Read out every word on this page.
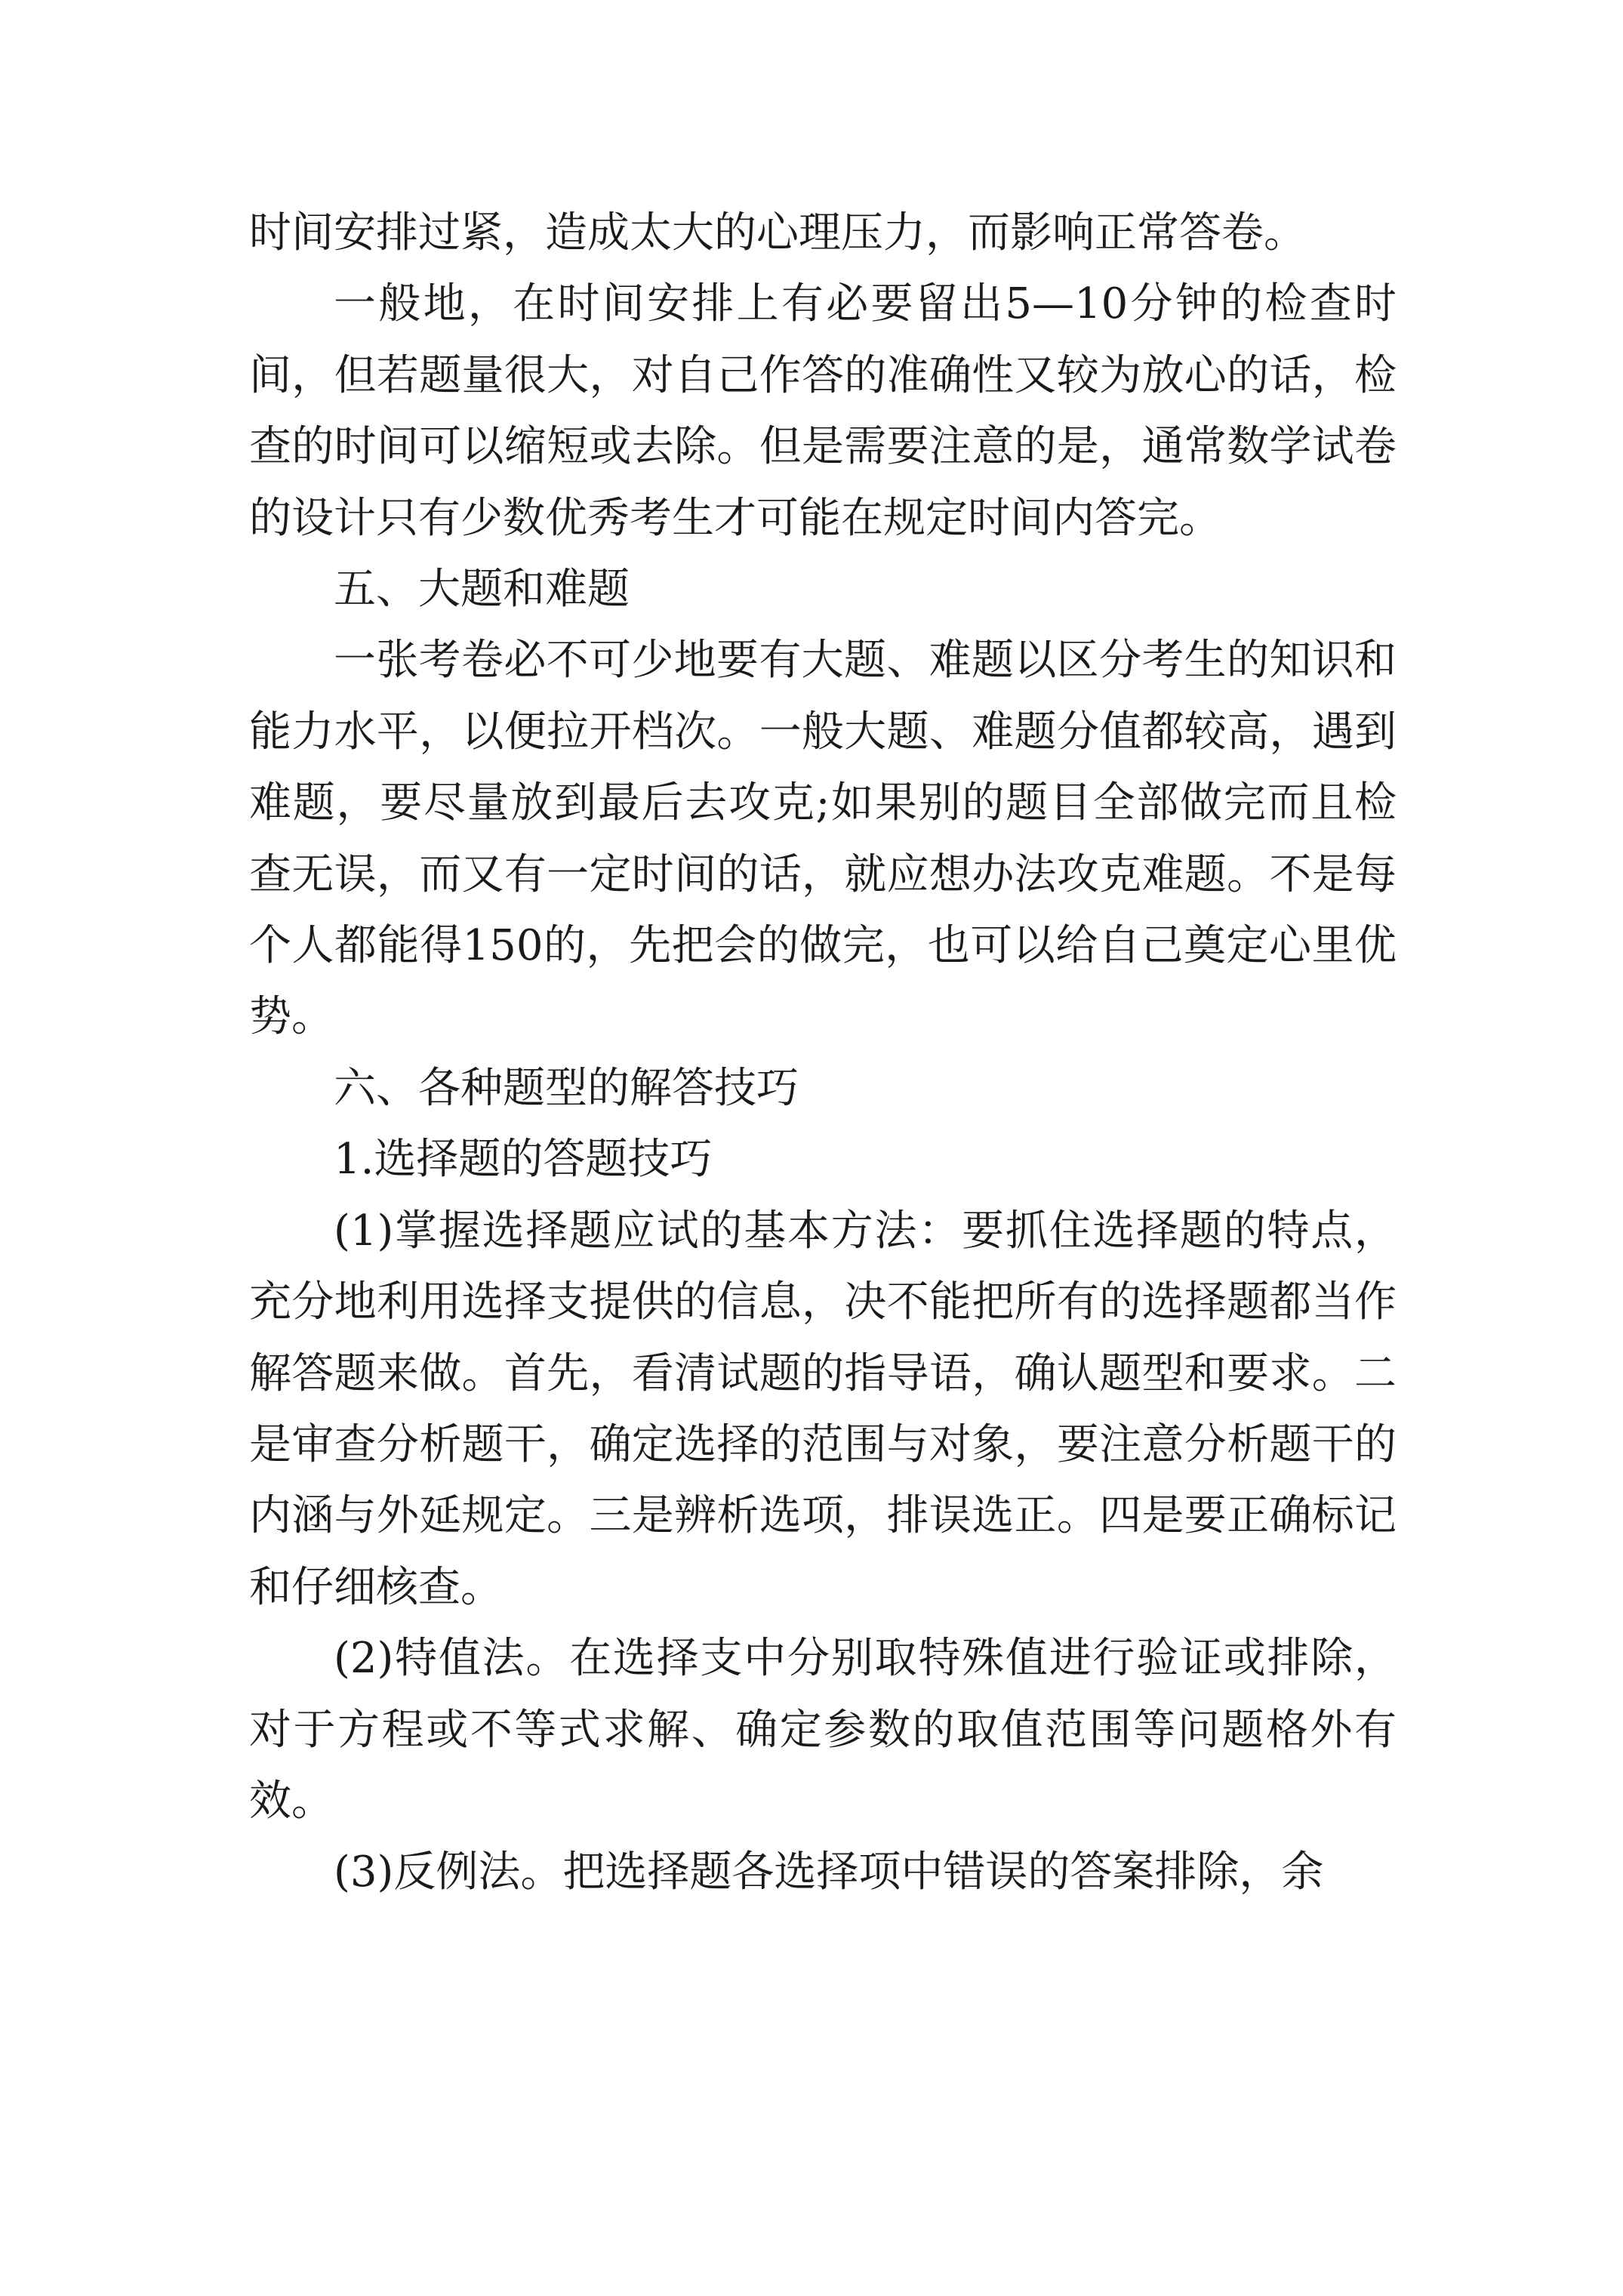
时间安排过紧，造成太大的心理压力，而影响正常答卷。

一般地，在时间安排上有必要留出5—10分钟的检查时间，但若题量很大，对自己作答的准确性又较为放心的话，检查的时间可以缩短或去除。但是需要注意的是，通常数学试卷的设计只有少数优秀考生才可能在规定时间内答完。

五、大题和难题

一张考卷必不可少地要有大题、难题以区分考生的知识和能力水平，以便拉开档次。一般大题、难题分值都较高，遇到难题，要尽量放到最后去攻克;如果别的题目全部做完而且检查无误，而又有一定时间的话，就应想办法攻克难题。不是每个人都能得150的，先把会的做完，也可以给自己奠定心里优势。

六、各种题型的解答技巧

1.选择题的答题技巧

(1)掌握选择题应试的基本方法：要抓住选择题的特点，充分地利用选择支提供的信息，决不能把所有的选择题都当作解答题来做。首先，看清试题的指导语，确认题型和要求。二是审查分析题干，确定选择的范围与对象，要注意分析题干的内涵与外延规定。三是辨析选项，排误选正。四是要正确标记和仔细核查。

(2)特值法。在选择支中分别取特殊值进行验证或排除，对于方程或不等式求解、确定参数的取值范围等问题格外有效。

(3)反例法。把选择题各选择项中错误的答案排除，余
